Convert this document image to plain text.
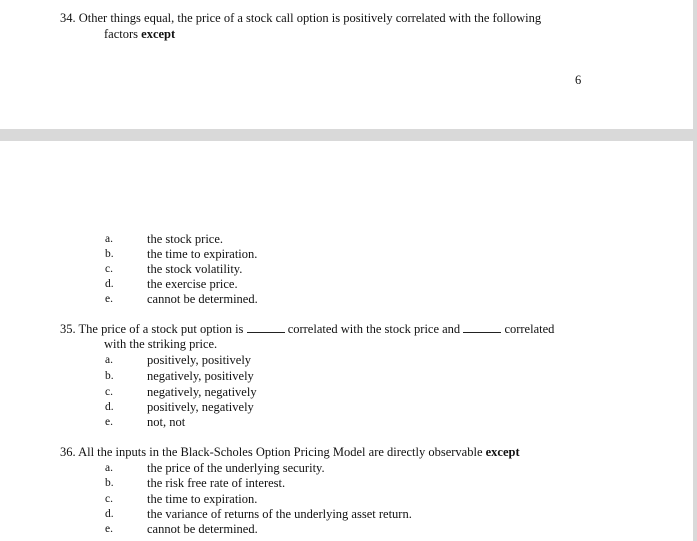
34. Other things equal, the price of a stock call option is positively correlated with the following
factors except
6
a.	the stock price.
b.	the time to expiration.
c.	the stock volatility.
d.	the exercise price.
e.	cannot be determined.
35. The price of a stock put option is	correlated with the stock price and	correlated
with the striking price.
a.	positively, positively
b.	negatively, positively
c.	negatively, negatively
d.	positively, negatively
e.	not, not
36. All the inputs in the Black-Scholes Option Pricing Model are directly observable except
a.	the price of the underlying security.
b.	the risk free rate of interest.
c.	the time to expiration.
d.	the variance of returns of the underlying asset return.
e.	cannot be determined.
